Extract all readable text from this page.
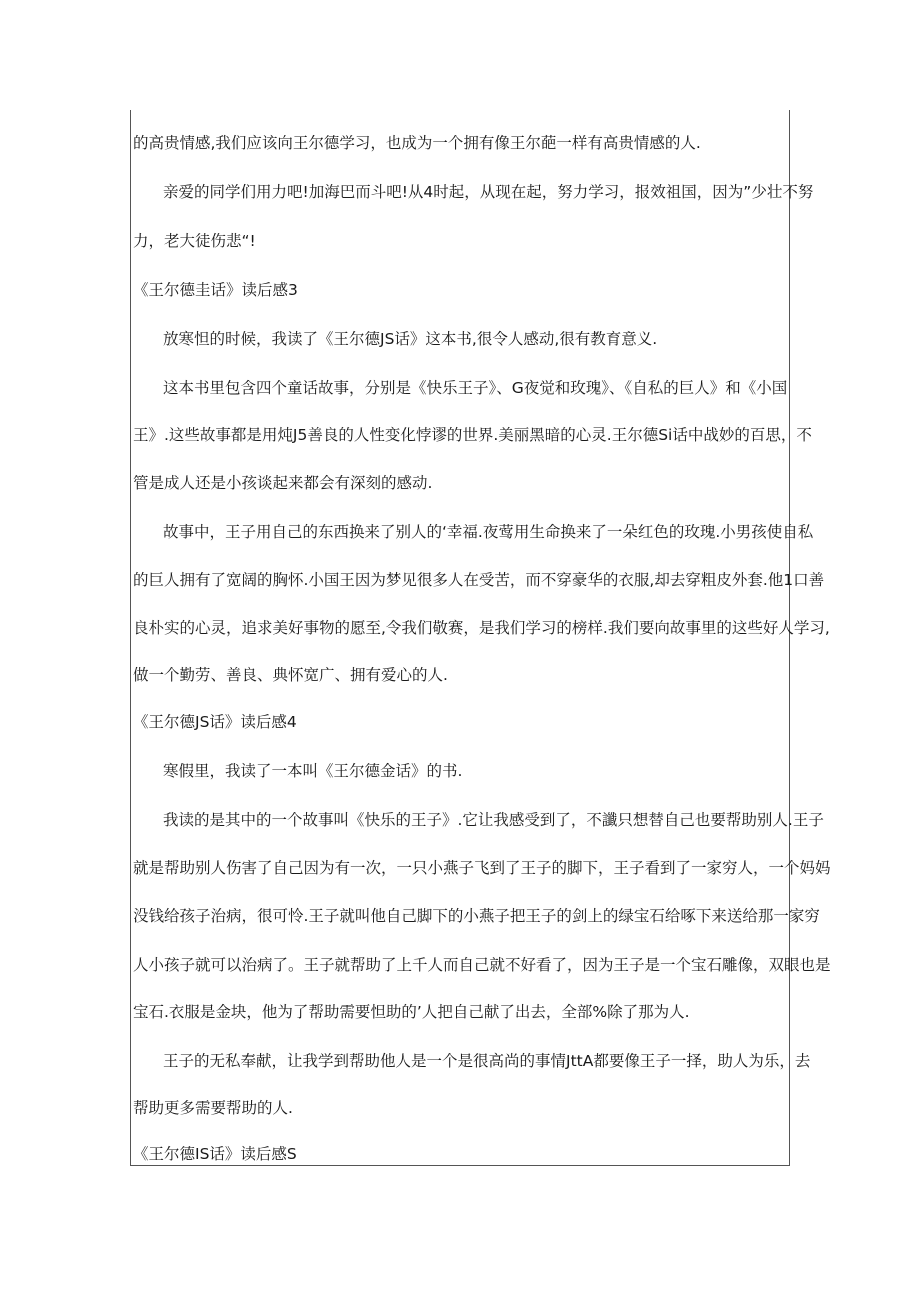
的高贵情感,我们应该向王尔德学习，也成为一个拥有像王尔葩一样有高贵情感的人.
亲爱的同学们用力吧!加海巴而斗吧!从4时起，从现在起，努力学习，报效祖国，因为”少壮不努
力，老大徒伤悲“!
《王尔德圭话》读后感3
放寒怛的时候，我读了《王尔德JS话》这本书,很令人感动,很有教育意义.
这本书里包含四个童话故事，分别是《快乐王子》、G夜觉和玫瑰》、《自私的巨人》和《小国
王》.这些故事都是用炖J5善良的人性变化悖谬的世界.美丽黑暗的心灵.王尔德Si话中战妙的百思，不
管是成人还是小孩谈起来都会有深刻的感动.
故事中，王子用自己的东西换来了别人的‘幸福.夜莺用生命换来了一朵红色的玫瑰.小男孩使自私
的巨人拥有了宽阔的胸怀.小国王因为梦见很多人在受苦，而不穿豪华的衣服,却去穿粗皮外套.他1口善
良朴实的心灵，追求美好事物的愿至,令我们敬赛，是我们学习的榜样.我们要向故事里的这些好人学习,
做一个勤劳、善良、典怀宽广、拥有爱心的人.
《王尔德JS话》读后感4
寒假里，我读了一本叫《王尔德金话》的书.
我读的是其中的一个故事叫《快乐的王子》.它让我感受到了，不讖只想替自己也要帮助别人.王子
就是帮助别人伤害了自己因为有一次，一只小燕子飞到了王子的脚下，王子看到了一家穷人，一个妈妈
没钱给孩子治病，很可怜.王子就叫他自己脚下的小燕子把王子的剑上的绿宝石给啄下来送给那一家穷
人小孩子就可以治病了。王子就帮助了上千人而自己就不好看了，因为王子是一个宝石雕像，双眼也是
宝石.衣服是金块，他为了帮助需要怛助的’人把自己献了出去，全部%除了那为人.
王子的无私奉献，让我学到帮助他人是一个是很高尚的事情JttA都要像王子一择，助人为乐，去
帮助更多需要帮助的人.
《王尔德IS话》读后感S
